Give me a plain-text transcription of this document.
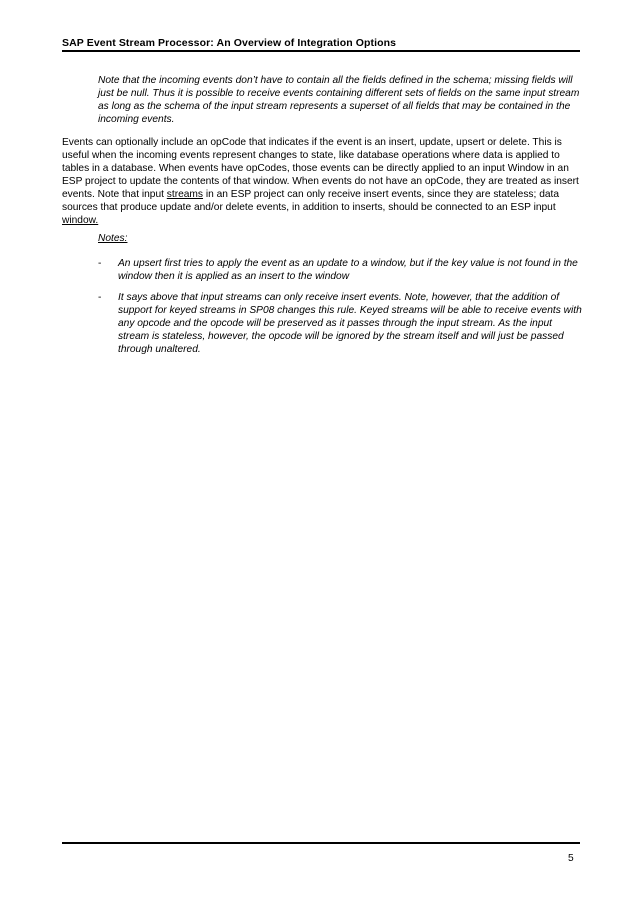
SAP Event Stream Processor: An Overview of Integration Options
Note that the incoming events don’t have to contain all the fields defined in the schema; missing fields will just be null. Thus it is possible to receive events containing different sets of fields on the same input stream as long as the schema of the input stream represents a superset of all fields that may be contained in the incoming events.
Events can optionally include an opCode that indicates if the event is an insert, update, upsert or delete. This is useful when the incoming events represent changes to state, like database operations where data is applied to tables in a database. When events have opCodes, those events can be directly applied to an input Window in an ESP project to update the contents of that window. When events do not have an opCode, they are treated as insert events. Note that input streams in an ESP project can only receive insert events, since they are stateless; data sources that produce update and/or delete events, in addition to inserts, should be connected to an ESP input window.
Notes:
- An upsert first tries to apply the event as an update to a window, but if the key value is not found in the window then it is applied as an insert to the window
- It says above that input streams can only receive insert events. Note, however, that the addition of support for keyed streams in SP08 changes this rule. Keyed streams will be able to receive events with any opcode and the opcode will be preserved as it passes through the input stream. As the input stream is stateless, however, the opcode will be ignored by the stream itself and will just be passed through unaltered.
5
